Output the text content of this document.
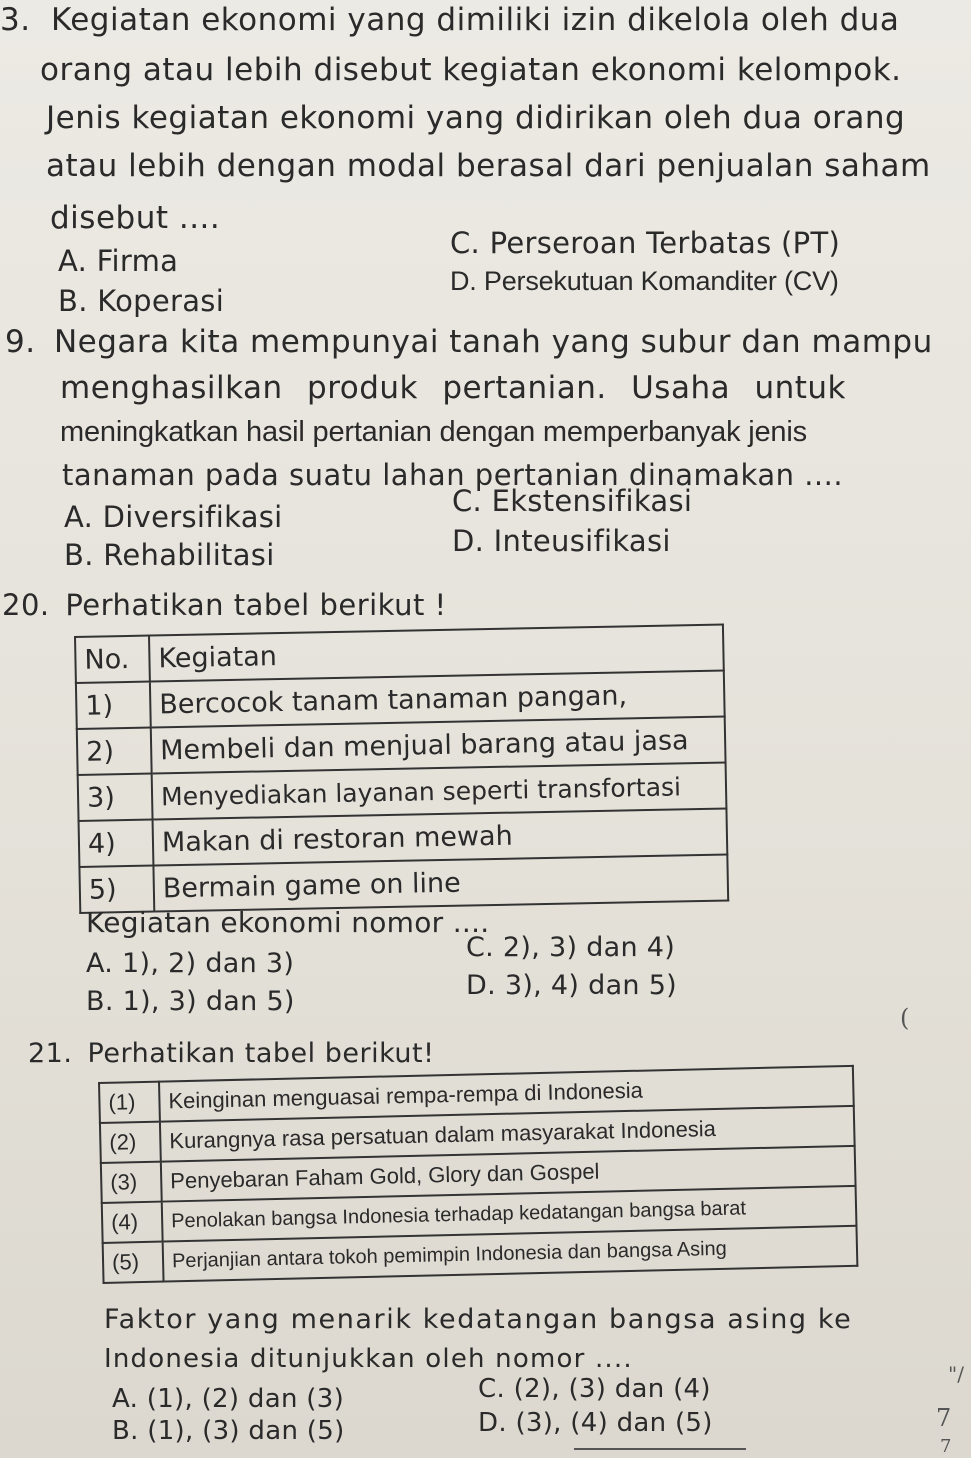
3. Kegiatan ekonomi yang dimiliki izin dikelola oleh dua
orang atau lebih disebut kegiatan ekonomi kelompok.
Jenis kegiatan ekonomi yang didirikan oleh dua orang
atau lebih dengan modal berasal dari penjualan saham
disebut ....
A. Firma
C. Perseroan Terbatas (PT)
B. Koperasi
D. Persekutuan Komanditer (CV)
9. Negara kita mempunyai tanah yang subur dan mampu
menghasilkan produk pertanian. Usaha untuk
meningkatkan hasil pertanian dengan memperbanyak jenis
tanaman pada suatu lahan pertanian dinamakan ....
A. Diversifikasi	C. Ekstensifikasi
B. Rehabilitasi	D. Inteusifikasi
20. Perhatikan tabel berikut !
No.	Kegiatan
1)	Bercocok tanam tanaman pangan,
2)	Membeli dan menjual barang atau jasa
3)	Menyediakan layanan seperti transfortasi
4)	Makan di restoran mewah
5)	Bermain game on line
Kegiatan ekonomi nomor ....
A. 1), 2) dan 3)
C. 2), 3) dan 4)
B. 1), 3) dan 5)
D. 3), 4) dan 5)
(
21. Perhatikan tabel berikut!
(1)	Keinginan menguasai rempa-rempa di Indonesia
(2)	Kurangnya rasa persatuan dalam masyarakat Indonesia
(3)	Penyebaran Faham Gold, Glory dan Gospel
(4)	Penolakan bangsa Indonesia terhadap kedatangan bangsa barat
(5)	Perjanjian antara tokoh pemimpin Indonesia dan bangsa Asing
Faktor yang menarik kedatangan bangsa asing ke
Indonesia ditunjukkan oleh nomor ....
A. (1), (2) dan (3)	C. (2), (3) dan (4)
B. (1), (3) dan (5)	D. (3), (4) dan (5)
"/
7
7
